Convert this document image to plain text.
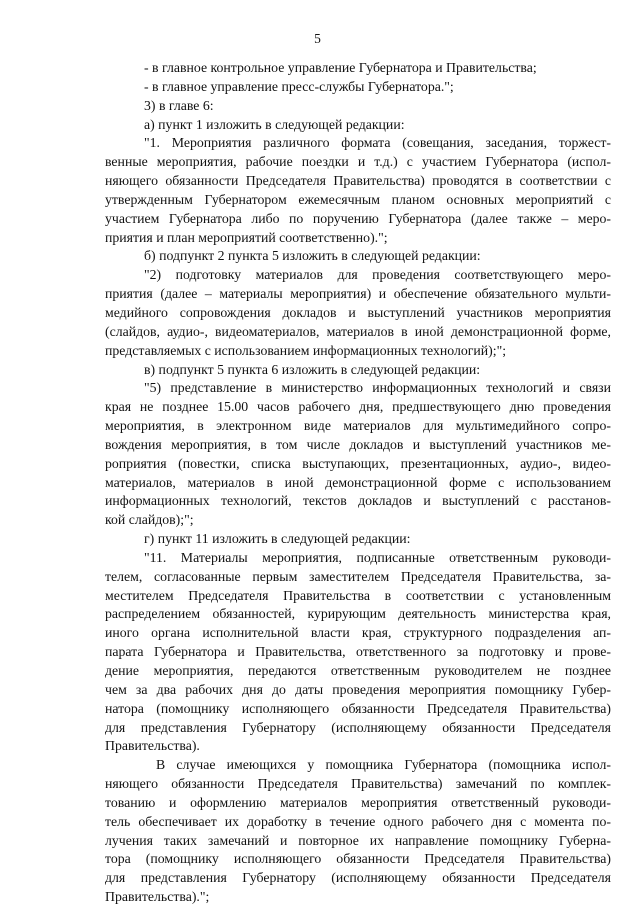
5
- в главное контрольное управление Губернатора и Правительства;
- в главное управление пресс-службы Губернатора.";
3) в главе 6:
а) пункт 1 изложить в следующей редакции:
"1. Мероприятия различного формата (совещания, заседания, торжест-
венные мероприятия, рабочие поездки и т.д.) с участием Губернатора (испол-
няющего обязанности Председателя Правительства) проводятся в соответствии с
утвержденным Губернатором ежемесячным планом основных мероприятий с
участием Губернатора либо по поручению Губернатора (далее также – меро-
приятия и план мероприятий соответственно).";
б) подпункт 2 пункта 5 изложить в следующей редакции:
"2) подготовку материалов для проведения соответствующего меро-
приятия (далее – материалы мероприятия) и обеспечение обязательного мульти-
медийного сопровождения докладов и выступлений участников мероприятия
(слайдов, аудио-, видеоматериалов, материалов в иной демонстрационной форме,
представляемых с использованием информационных технологий);";
в) подпункт 5 пункта 6 изложить в следующей редакции:
"5) представление в министерство информационных технологий и связи
края не позднее 15.00 часов рабочего дня, предшествующего дню проведения
мероприятия, в электронном виде материалов для мультимедийного сопро-
вождения мероприятия, в том числе докладов и выступлений участников ме-
роприятия (повестки, списка выступающих, презентационных, аудио-, видео-
материалов, материалов в иной демонстрационной форме с использованием
информационных технологий, текстов докладов и выступлений с расстанов-
кой слайдов);";
г) пункт 11 изложить в следующей редакции:
"11. Материалы мероприятия, подписанные ответственным руководи-
телем, согласованные первым заместителем Председателя Правительства, за-
местителем Председателя Правительства в соответствии с установленным
распределением обязанностей, курирующим деятельность министерства края,
иного органа исполнительной власти края, структурного подразделения ап-
парата Губернатора и Правительства, ответственного за подготовку и прове-
дение мероприятия, передаются ответственным руководителем не позднее
чем за два рабочих дня до даты проведения мероприятия помощнику Губер-
натора (помощнику исполняющего обязанности Председателя Правительства)
для представления Губернатору (исполняющему обязанности Председателя
Правительства).
В случае имеющихся у помощника Губернатора (помощника испол-
няющего обязанности Председателя Правительства) замечаний по комплек-
тованию и оформлению материалов мероприятия ответственный руководи-
тель обеспечивает их доработку в течение одного рабочего дня с момента по-
лучения таких замечаний и повторное их направление помощнику Губерна-
тора (помощнику исполняющего обязанности Председателя Правительства)
для представления Губернатору (исполняющему обязанности Председателя
Правительства).";
